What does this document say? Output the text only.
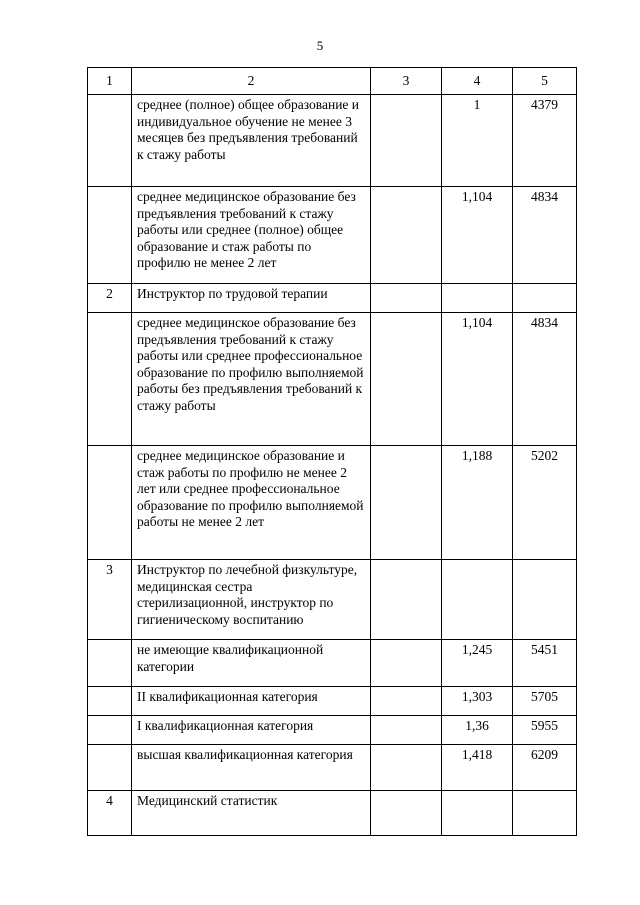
5
1	2	3	4	5
	среднее (полное) общее образование и индивидуальное обучение не менее 3 месяцев без предъявления требований к стажу работы		1	4379
	среднее медицинское образование без предъявления требований к стажу работы или среднее (полное) общее образование и стаж работы по профилю не менее 2 лет		1,104	4834
2	Инструктор по трудовой терапии			
	среднее медицинское образование без предъявления требований к стажу работы или среднее профессиональное образование по профилю выполняемой работы без предъявления требований к стажу работы		1,104	4834
	среднее медицинское образование и стаж работы по профилю не менее 2 лет или среднее профессиональное образование по профилю выполняемой работы не менее 2 лет		1,188	5202
3	Инструктор по лечебной физкультуре, медицинская сестра стерилизационной, инструктор по гигиеническому воспитанию			
	не имеющие квалификационной категории		1,245	5451
	II квалификационная категория		1,303	5705
	I квалификационная категория		1,36	5955
	высшая квалификационная категория		1,418	6209
4	Медицинский статистик			
